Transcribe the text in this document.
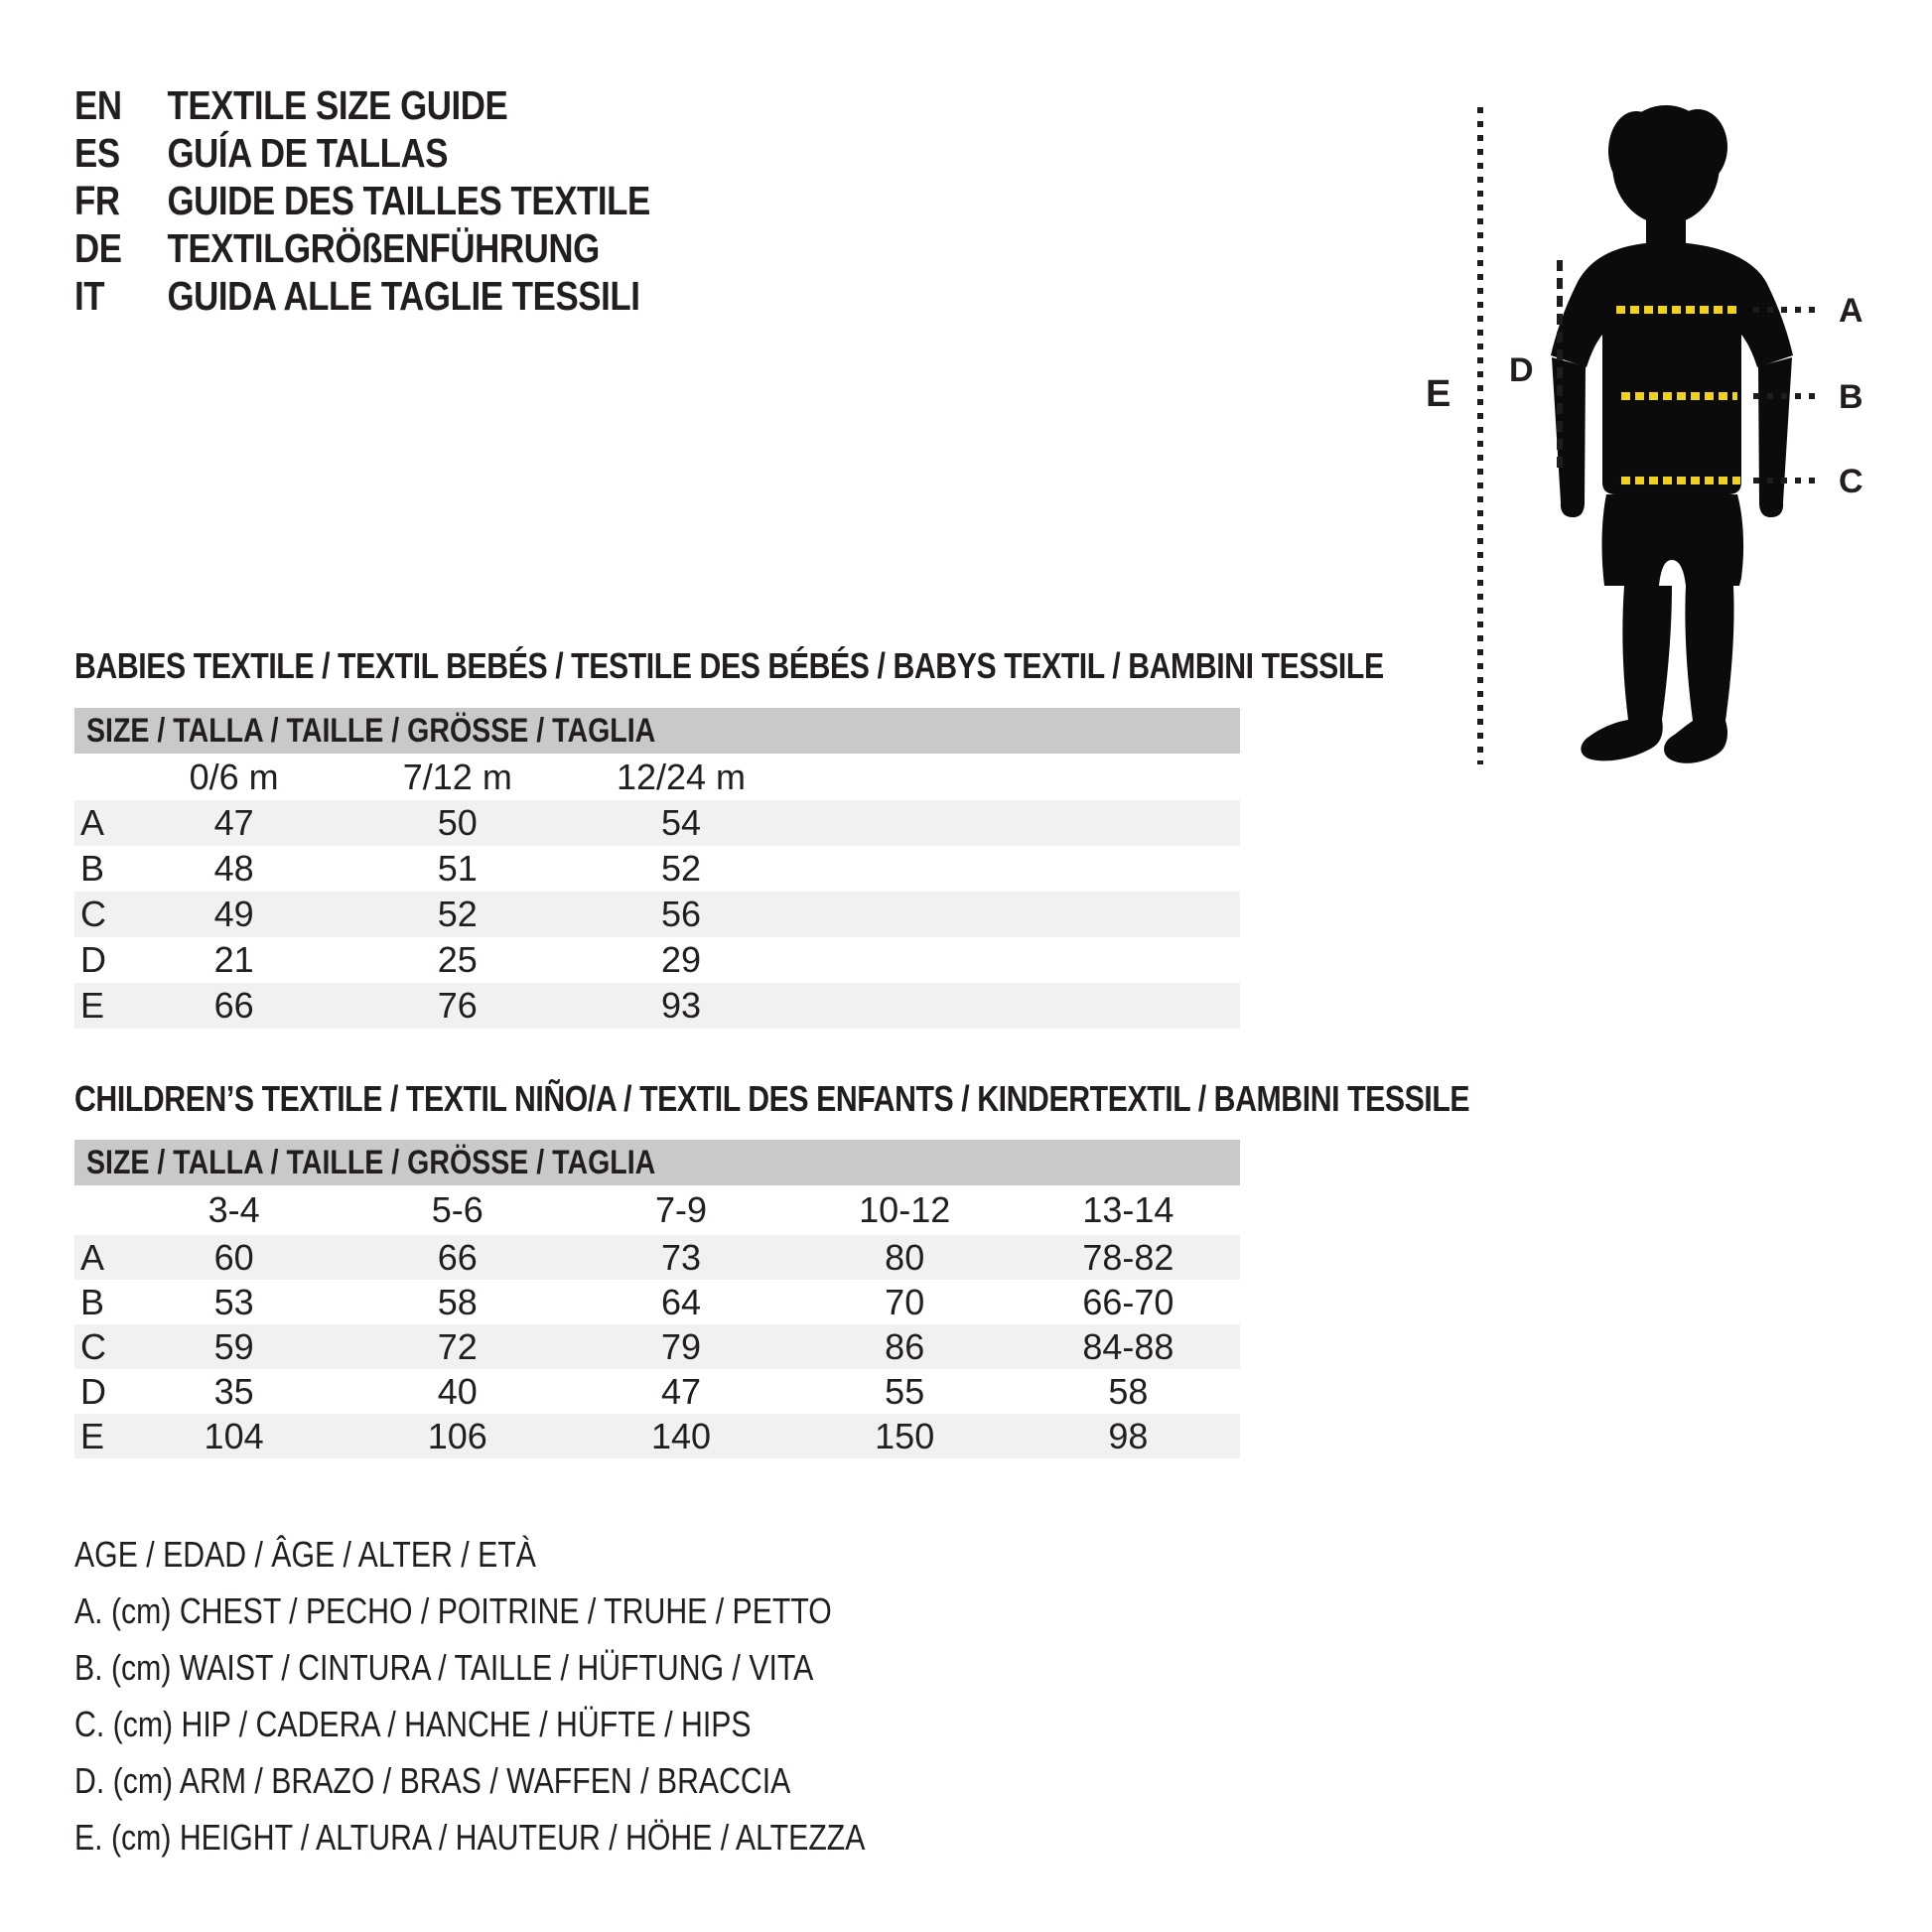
EN	TEXTILE SIZE GUIDE
ES	GUÍA DE TALLAS
FR	GUIDE DES TAILLES TEXTILE
DE	TEXTILGRÖßENFÜHRUNG
IT	GUIDA ALLE TAGLIE TESSILI	A
B
C
D
E
BABIES TEXTILE / TEXTIL BEBÉS / TESTILE DES BÉBÉS / BABYS TEXTIL / BAMBINI TESSILE
SIZE / TALLA / TAILLE / GRÖSSE / TAGLIA
0/6 m	7/12 m	12/24 m
A	47	50	54
B	48	51	52
C	49	52	56
D	21	25	29
E	66	76	93
CHILDREN’S TEXTILE / TEXTIL NIÑO/A / TEXTIL DES ENFANTS / KINDERTEXTIL / BAMBINI TESSILE
SIZE / TALLA / TAILLE / GRÖSSE / TAGLIA
3-4	5-6	7-9	10-12	13-14
A	60	66	73	80	78-82
B	53	58	64	70	66-70
C	59	72	79	86	84-88
D	35	40	47	55	58
E	104	106	140	150	98
AGE / EDAD / ÂGE / ALTER / ETÀ
A. (cm) CHEST / PECHO / POITRINE / TRUHE / PETTO
B. (cm) WAIST / CINTURA / TAILLE / HÜFTUNG / VITA
C. (cm) HIP / CADERA / HANCHE / HÜFTE / HIPS
D. (cm) ARM / BRAZO / BRAS / WAFFEN / BRACCIA
E. (cm) HEIGHT / ALTURA / HAUTEUR / HÖHE / ALTEZZA
